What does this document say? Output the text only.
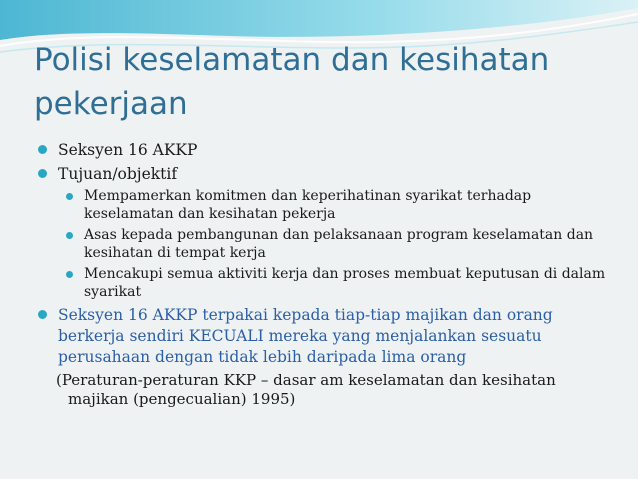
Polisi keselamatan dan kesihatan pekerjaan
Seksyen 16 AKKP
Tujuan/objektif
Mempamerkan komitmen dan keperihatinan syarikat terhadap keselamatan dan kesihatan pekerja
Asas kepada pembangunan dan pelaksanaan program keselamatan dan kesihatan di tempat kerja
Mencakupi semua aktiviti kerja dan proses membuat keputusan di dalam syarikat
Seksyen 16 AKKP terpakai kepada tiap-tiap majikan dan orang berkerja sendiri KECUALI mereka yang menjalankan sesuatu perusahaan dengan tidak lebih daripada lima orang
(Peraturan-peraturan KKP – dasar am keselamatan dan kesihatan majikan (pengecualian) 1995)
